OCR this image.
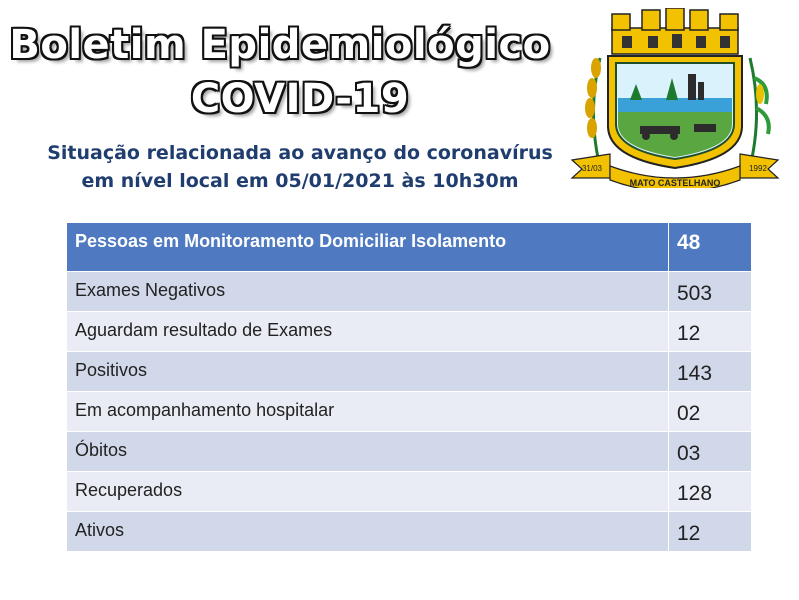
Boletim Epidemiológico
COVID-19
Situação relacionada ao avanço do coronavírus
em nível local em 05/01/2021 às 10h30m
31/03	1992
MATO CASTELHANO
Pessoas em Monitoramento Domiciliar Isolamento	48
Exames Negativos	503
Aguardam resultado de Exames	12
Positivos	143
Em acompanhamento hospitalar	02
Óbitos	03
Recuperados	128
Ativos	12
